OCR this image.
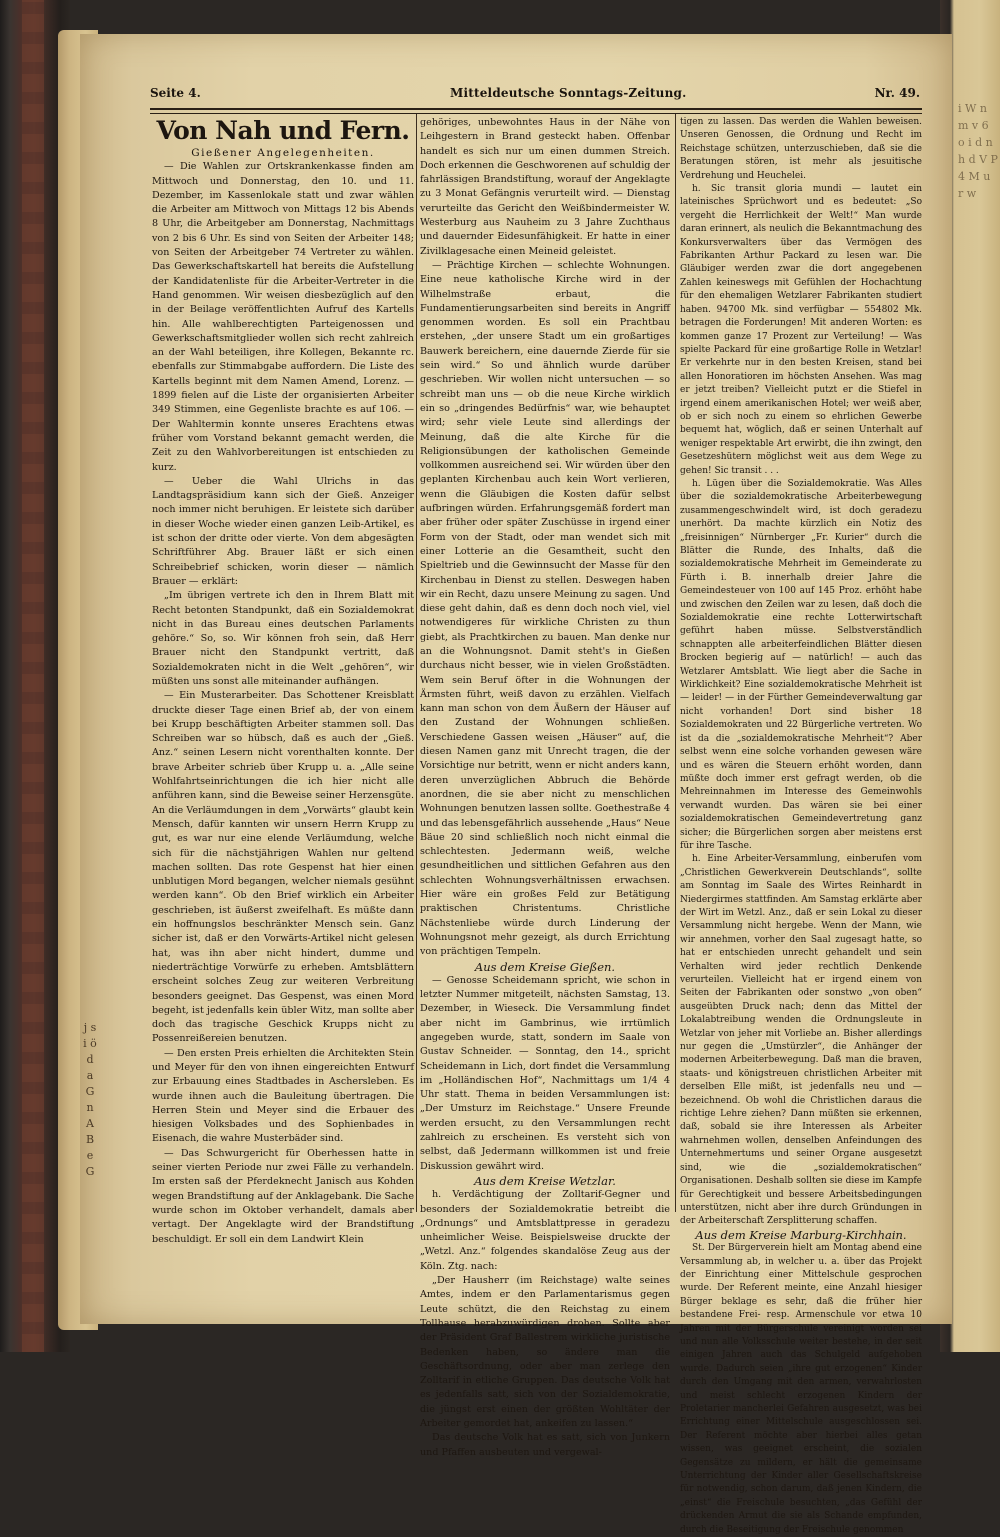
i W n m v 6 o i d n h d V P 4 M u r w
j s i ö d a G n A B e G
Seite 4.	Mitteldeutsche Sonntags-Zeitung.	Nr. 49.

Von Nah und Fern.

Gießener Angelegenheiten.

— Die Wahlen zur Ortskrankenkasse finden am Mittwoch und Donnerstag, den 10. und 11. Dezember, im Kassenlokale statt und zwar wählen die Arbeiter am Mittwoch von Mittags 12 bis Abends 8 Uhr, die Arbeitgeber am Donnerstag, Nachmittags von 2 bis 6 Uhr. Es sind von Seiten der Arbeiter 148; von Seiten der Arbeitgeber 74 Vertreter zu wählen. Das Gewerkschaftskartell hat bereits die Aufstellung der Kandidatenliste für die Arbeiter-Vertreter in die Hand genommen. Wir weisen diesbezüglich auf den in der Beilage veröffentlichten Aufruf des Kartells hin. Alle wahlberechtigten Parteigenossen und Gewerkschaftsmitglieder wollen sich recht zahlreich an der Wahl beteiligen, ihre Kollegen, Bekannte rc. ebenfalls zur Stimmabgabe auffordern. Die Liste des Kartells beginnt mit dem Namen Amend, Lorenz. — 1899 fielen auf die Liste der organisierten Arbeiter 349 Stimmen, eine Gegenliste brachte es auf 106. — Der Wahltermin konnte unseres Erachtens etwas früher vom Vorstand bekannt gemacht werden, die Zeit zu den Wahlvorbereitungen ist entschieden zu kurz.

— Ueber die Wahl Ulrichs in das Landtagspräsidium kann sich der Gieß. Anzeiger noch immer nicht beruhigen. Er leistete sich darüber in dieser Woche wieder einen ganzen Leib-Artikel, es ist schon der dritte oder vierte. Von dem abgesägten Schriftführer Abg. Brauer läßt er sich einen Schreibebrief schicken, worin dieser — nämlich Brauer — erklärt:

„Im übrigen vertrete ich den in Ihrem Blatt mit Recht betonten Standpunkt, daß ein Sozialdemokrat nicht in das Bureau eines deutschen Parlaments gehöre.“ So, so. Wir können froh sein, daß Herr Brauer nicht den Standpunkt vertritt, daß Sozialdemokraten nicht in die Welt „gehören“, wir müßten uns sonst alle miteinander aufhängen.

— Ein Musterarbeiter. Das Schottener Kreisblatt druckte dieser Tage einen Brief ab, der von einem bei Krupp beschäftigten Arbeiter stammen soll. Das Schreiben war so hübsch, daß es auch der „Gieß. Anz.“ seinen Lesern nicht vorenthalten konnte. Der brave Arbeiter schrieb über Krupp u. a. „Alle seine Wohlfahrtseinrichtungen die ich hier nicht alle anführen kann, sind die Beweise seiner Herzensgüte. An die Verläumdungen in dem „Vorwärts“ glaubt kein Mensch, dafür kannten wir unsern Herrn Krupp zu gut, es war nur eine elende Verläumdung, welche sich für die nächstjährigen Wahlen nur geltend machen sollten. Das rote Gespenst hat hier einen unblutigen Mord begangen, welcher niemals gesühnt werden kann“. Ob den Brief wirklich ein Arbeiter geschrieben, ist äußerst zweifelhaft. Es müßte dann ein hoffnungslos beschränkter Mensch sein. Ganz sicher ist, daß er den Vorwärts-Artikel nicht gelesen hat, was ihn aber nicht hindert, dumme und niederträchtige Vorwürfe zu erheben. Amtsblättern erscheint solches Zeug zur weiteren Verbreitung besonders geeignet. Das Gespenst, was einen Mord begeht, ist jedenfalls kein übler Witz, man sollte aber doch das tragische Geschick Krupps nicht zu Possenreißereien benutzen.

— Den ersten Preis erhielten die Architekten Stein und Meyer für den von ihnen eingereichten Entwurf zur Erbauung eines Stadtbades in Aschersleben. Es wurde ihnen auch die Bauleitung übertragen. Die Herren Stein und Meyer sind die Erbauer des hiesigen Volksbades und des Sophienbades in Eisenach, die wahre Musterbäder sind.

— Das Schwurgericht für Oberhessen hatte in seiner vierten Periode nur zwei Fälle zu verhandeln. Im ersten saß der Pferdeknecht Janisch aus Kohden wegen Brandstiftung auf der Anklagebank. Die Sache wurde schon im Oktober verhandelt, damals aber vertagt. Der Angeklagte wird der Brandstiftung beschuldigt. Er soll ein dem Landwirt Klein

gehöriges, unbewohntes Haus in der Nähe von Leihgestern in Brand gesteckt haben. Offenbar handelt es sich nur um einen dummen Streich. Doch erkennen die Geschworenen auf schuldig der fahrlässigen Brandstiftung, worauf der Angeklagte zu 3 Monat Gefängnis verurteilt wird. — Dienstag verurteilte das Gericht den Weißbindermeister W. Westerburg aus Nauheim zu 3 Jahre Zuchthaus und dauernder Eidesunfähigkeit. Er hatte in einer Zivilklagesache einen Meineid geleistet.

— Prächtige Kirchen — schlechte Wohnungen. Eine neue katholische Kirche wird in der Wilhelmstraße erbaut, die Fundamentierungsarbeiten sind bereits in Angriff genommen worden. Es soll ein Prachtbau erstehen, „der unsere Stadt um ein großartiges Bauwerk bereichern, eine dauernde Zierde für sie sein wird.“ So und ähnlich wurde darüber geschrieben. Wir wollen nicht untersuchen — so schreibt man uns — ob die neue Kirche wirklich ein so „dringendes Bedürfnis“ war, wie behauptet wird; sehr viele Leute sind allerdings der Meinung, daß die alte Kirche für die Religionsübungen der katholischen Gemeinde vollkommen ausreichend sei. Wir würden über den geplanten Kirchenbau auch kein Wort verlieren, wenn die Gläubigen die Kosten dafür selbst aufbringen würden. Erfahrungsgemäß fordert man aber früher oder später Zuschüsse in irgend einer Form von der Stadt, oder man wendet sich mit einer Lotterie an die Gesamtheit, sucht den Spieltrieb und die Gewinnsucht der Masse für den Kirchenbau in Dienst zu stellen. Deswegen haben wir ein Recht, dazu unsere Meinung zu sagen. Und diese geht dahin, daß es denn doch noch viel, viel notwendigeres für wirkliche Christen zu thun giebt, als Prachtkirchen zu bauen. Man denke nur an die Wohnungsnot. Damit steht's in Gießen durchaus nicht besser, wie in vielen Großstädten. Wem sein Beruf öfter in die Wohnungen der Ärmsten führt, weiß davon zu erzählen. Vielfach kann man schon von dem Äußern der Häuser auf den Zustand der Wohnungen schließen. Verschiedene Gassen weisen „Häuser“ auf, die diesen Namen ganz mit Unrecht tragen, die der Vorsichtige nur betritt, wenn er nicht anders kann, deren unverzüglichen Abbruch die Behörde anordnen, die sie aber nicht zu menschlichen Wohnungen benutzen lassen sollte. Goethestraße 4 und das lebensgefährlich aussehende „Haus“ Neue Bäue 20 sind schließlich noch nicht einmal die schlechtesten. Jedermann weiß, welche gesundheitlichen und sittlichen Gefahren aus den schlechten Wohnungsverhältnissen erwachsen. Hier wäre ein großes Feld zur Betätigung praktischen Christentums. Christliche Nächstenliebe würde durch Linderung der Wohnungsnot mehr gezeigt, als durch Errichtung von prächtigen Tempeln.

Aus dem Kreise Gießen.

— Genosse Scheidemann spricht, wie schon in letzter Nummer mitgeteilt, nächsten Samstag, 13. Dezember, in Wieseck. Die Versammlung findet aber nicht im Gambrinus, wie irrtümlich angegeben wurde, statt, sondern im Saale von Gustav Schneider. — Sonntag, den 14., spricht Scheidemann in Lich, dort findet die Versammlung im „Holländischen Hof“, Nachmittags um 1/4 4 Uhr statt. Thema in beiden Versammlungen ist: „Der Umsturz im Reichstage.“ Unsere Freunde werden ersucht, zu den Versammlungen recht zahlreich zu erscheinen. Es versteht sich von selbst, daß Jedermann willkommen ist und freie Diskussion gewährt wird.

Aus dem Kreise Wetzlar.

h. Verdächtigung der Zolltarif-Gegner und besonders der Sozialdemokratie betreibt die „Ordnungs“ und Amtsblattpresse in geradezu unheimlicher Weise. Beispielsweise druckte der „Wetzl. Anz.“ folgendes skandalöse Zeug aus der Köln. Ztg. nach:

„Der Hausherr (im Reichstage) walte seines Amtes, indem er den Parlamentarismus gegen Leute schützt, die den Reichstag zu einem Tollhause herabzuwürdigen drohen. Sollte aber der Präsident Graf Ballestrem wirkliche juristische Bedenken haben, so ändere man die Geschäftsordnung, oder aber man zerlege den Zolltarif in etliche Gruppen. Das deutsche Volk hat es jedenfalls satt, sich von der Sozialdemokratie, die jüngst erst einen der größten Wohltäter der Arbeiter gemordet hat, ankeifen zu lassen.“

Das deutsche Volk hat es satt, sich von Junkern und Pfaffen ausbeuten und vergewal-

tigen zu lassen. Das werden die Wahlen beweisen. Unseren Genossen, die Ordnung und Recht im Reichstage schützen, unterzuschieben, daß sie die Beratungen stören, ist mehr als jesuitische Verdrehung und Heuchelei.

h. Sic transit gloria mundi — lautet ein lateinisches Sprüchwort und es bedeutet: „So vergeht die Herrlichkeit der Welt!“ Man wurde daran erinnert, als neulich die Bekanntmachung des Konkursverwalters über das Vermögen des Fabrikanten Arthur Packard zu lesen war. Die Gläubiger werden zwar die dort angegebenen Zahlen keineswegs mit Gefühlen der Hochachtung für den ehemaligen Wetzlarer Fabrikanten studiert haben. 94700 Mk. sind verfügbar — 554802 Mk. betragen die Forderungen! Mit anderen Worten: es kommen ganze 17 Prozent zur Verteilung! — Was spielte Packard für eine großartige Rolle in Wetzlar! Er verkehrte nur in den besten Kreisen, stand bei allen Honoratioren im höchsten Ansehen. Was mag er jetzt treiben? Vielleicht putzt er die Stiefel in irgend einem amerikanischen Hotel; wer weiß aber, ob er sich noch zu einem so ehrlichen Gewerbe bequemt hat, wöglich, daß er seinen Unterhalt auf weniger respektable Art erwirbt, die ihn zwingt, den Gesetzeshütern möglichst weit aus dem Wege zu gehen! Sic transit . . .

h. Lügen über die Sozialdemokratie. Was Alles über die sozialdemokratische Arbeiterbewegung zusammengeschwindelt wird, ist doch geradezu unerhört. Da machte kürzlich ein Notiz des „freisinnigen“ Nürnberger „Fr. Kurier“ durch die Blätter die Runde, des Inhalts, daß die sozialdemokratische Mehrheit im Gemeinderate zu Fürth i. B. innerhalb dreier Jahre die Gemeindesteuer von 100 auf 145 Proz. erhöht habe und zwischen den Zeilen war zu lesen, daß doch die Sozialdemokratie eine rechte Lotterwirtschaft geführt haben müsse. Selbstverständlich schnappten alle arbeiterfeindlichen Blätter diesen Brocken begierig auf — natürlich! — auch das Wetzlarer Amtsblatt. Wie liegt aber die Sache in Wirklichkeit? Eine sozialdemokratische Mehrheit ist — leider! — in der Fürther Gemeindeverwaltung gar nicht vorhanden! Dort sind bisher 18 Sozialdemokraten und 22 Bürgerliche vertreten. Wo ist da die „sozialdemokratische Mehrheit“? Aber selbst wenn eine solche vorhanden gewesen wäre und es wären die Steuern erhöht worden, dann müßte doch immer erst gefragt werden, ob die Mehreinnahmen im Interesse des Gemeinwohls verwandt wurden. Das wären sie bei einer sozialdemokratischen Gemeindevertretung ganz sicher; die Bürgerlichen sorgen aber meistens erst für ihre Tasche.

h. Eine Arbeiter-Versammlung, einberufen vom „Christlichen Gewerkverein Deutschlands“, sollte am Sonntag im Saale des Wirtes Reinhardt in Niedergirmes stattfinden. Am Samstag erklärte aber der Wirt im Wetzl. Anz., daß er sein Lokal zu dieser Versammlung nicht hergebe. Wenn der Mann, wie wir annehmen, vorher den Saal zugesagt hatte, so hat er entschieden unrecht gehandelt und sein Verhalten wird jeder rechtlich Denkende verurteilen. Vielleicht hat er irgend einem von Seiten der Fabrikanten oder sonstwo „von oben“ ausgeübten Druck nach; denn das Mittel der Lokalabtreibung wenden die Ordnungsleute in Wetzlar von jeher mit Vorliebe an. Bisher allerdings nur gegen die „Umstürzler“, die Anhänger der modernen Arbeiterbewegung. Daß man die braven, staats- und königstreuen christlichen Arbeiter mit derselben Elle mißt, ist jedenfalls neu und — bezeichnend. Ob wohl die Christlichen daraus die richtige Lehre ziehen? Dann müßten sie erkennen, daß, sobald sie ihre Interessen als Arbeiter wahrnehmen wollen, denselben Anfeindungen des Unternehmertums und seiner Organe ausgesetzt sind, wie die „sozialdemokratischen“ Organisationen. Deshalb sollten sie diese im Kampfe für Gerechtigkeit und bessere Arbeitsbedingungen unterstützen, nicht aber ihre durch Gründungen in der Arbeiterschaft Zersplitterung schaffen.

Aus dem Kreise Marburg-Kirchhain.

St. Der Bürgerverein hielt am Montag abend eine Versammlung ab, in welcher u. a. über das Projekt der Einrichtung einer Mittelschule gesprochen wurde. Der Referent meinte, eine Anzahl hiesiger Bürger beklage es sehr, daß die früher hier bestandene Frei- resp. Armenschule vor etwa 10 Jahren mit der Bürgerschule vereinigt worden sei und nun alle Volksschule weiter bestehe, in der seit einigen Jahren auch das Schulgeld aufgehoben wurde. Dadurch seien „ihre gut erzogenen“ Kinder durch den Umgang mit den armen, verwahrlosten und meist schlecht erzogenen Kindern der Proletarier mancherlei Gefahren ausgesetzt, was bei Errichtung einer Mittelschule ausgeschlossen sei. Der Referent möchte aber hierbei alles getan wissen, was geeignet erscheint, die sozialen Gegensätze zu mildern, er hält die gemeinsame Unterrichtung der Kinder aller Gesellschaftskreise für notwendig, schon darum, daß jenen Kindern, die „einst“ die Freischule besuchten, „das Gefühl der drückenden Armut die sie als Schande empfunden, durch die Beseitigung der Freischule genommen
